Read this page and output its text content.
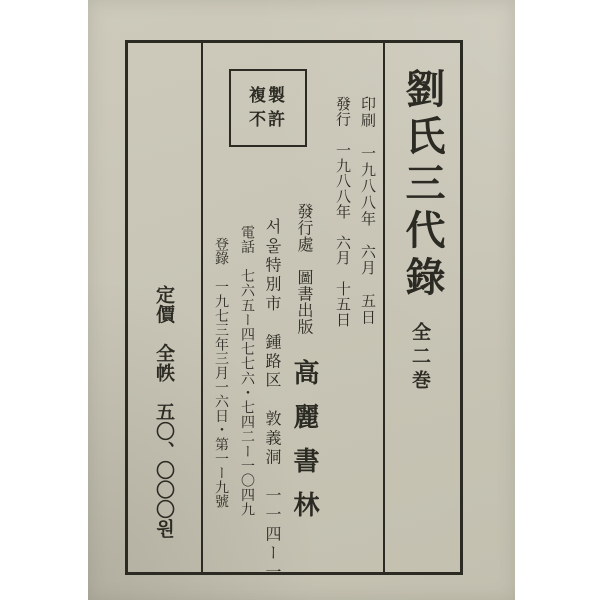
複製
不許	劉氏三代錄
全二巻
印刷　一九八八年　六月　五日
發行　一九八八年　六月　十五日
發行處　圖書出版高麗書林
서울特別市　鍾路区　敦義洞　一一四ー一
電話　七六五ー四七七六・七四二ー一〇四九
登錄　一九七三年三月一六日・第一ー九號
定價　全帙　五〇、〇〇〇원
